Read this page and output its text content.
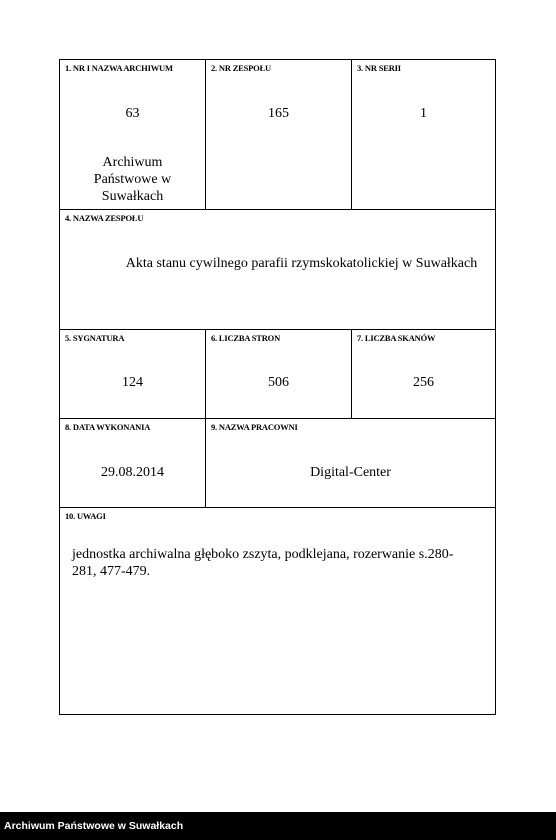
1. NR I NAZWA ARCHIWUM
63
Archiwum
Państwowe w
Suwałkach
2. NR ZESPOŁU
165
3. NR SERII
1
4. NAZWA ZESPOŁU
Akta stanu cywilnego parafii rzymskokatolickiej w Suwałkach
5. SYGNATURA
124
6. LICZBA STRON
506
7. LICZBA SKANÓW
256
8. DATA WYKONANIA
29.08.2014
9. NAZWA PRACOWNI
Digital-Center
10. UWAGI
jednostka archiwalna głęboko zszyta, podklejana, rozerwanie s.280-281, 477-479.
Archiwum Państwowe w Suwałkach
